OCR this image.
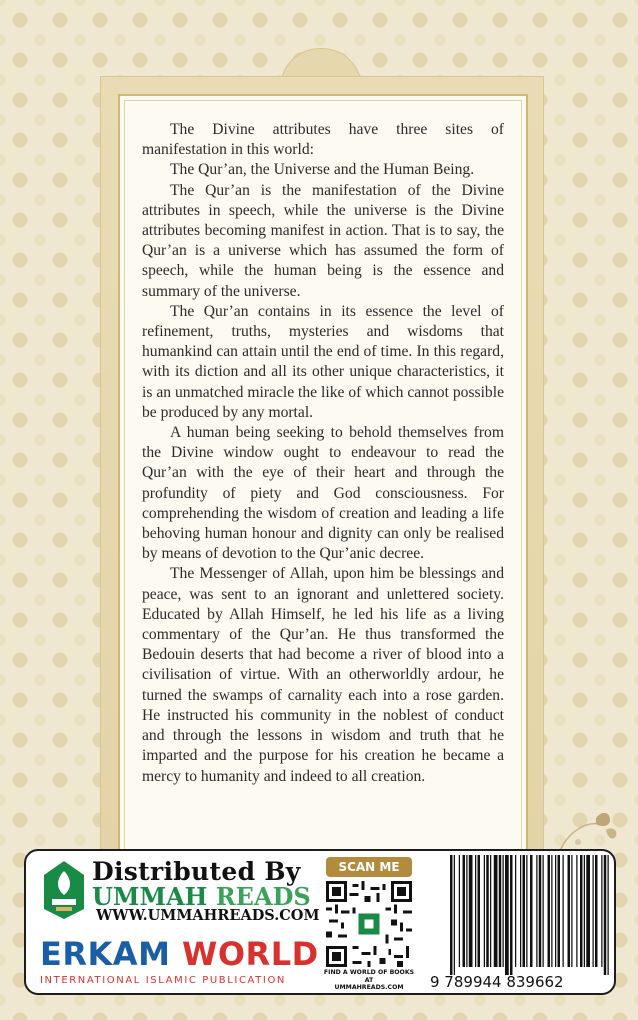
The Divine attributes have three sites of manifestation in this world:

The Qur’an, the Universe and the Human Being.

The Qur’an is the manifestation of the Divine attributes in speech, while the universe is the Divine attributes becoming manifest in action. That is to say, the Qur’an is a universe which has assumed the form of speech, while the human being is the essence and summary of the universe.

The Qur’an contains in its essence the level of refinement, truths, mysteries and wisdoms that humankind can attain until the end of time. In this regard, with its diction and all its other unique characteristics, it is an unmatched miracle the like of which cannot possible be produced by any mortal.

A human being seeking to behold themselves from the Divine window ought to endeavour to read the Qur’an with the eye of their heart and through the profundity of piety and God consciousness. For comprehending the wisdom of creation and leading a life behoving human honour and dignity can only be realised by means of devotion to the Qur’anic decree.

The Messenger of Allah, upon him be blessings and peace, was sent to an ignorant and unlettered society. Educated by Allah Himself, he led his life as a living commentary of the Qur’an. He thus transformed the Bedouin deserts that had become a river of blood into a civilisation of virtue. With an otherworldly ardour, he turned the swamps of carnality each into a rose garden. He instructed his community in the noblest of conduct and through the lessons in wisdom and truth that he imparted and the purpose for his creation he became a mercy to humanity and indeed to all creation.

Distributed By
UMMAH READS
WWW.UMMAHREADS.COM
ERKAM WORLD
INTERNATIONAL ISLAMIC PUBLICATION
SCAN ME
FIND A WORLD OF BOOKS AT
UMMAHREADS.COM	9 789944 839662
